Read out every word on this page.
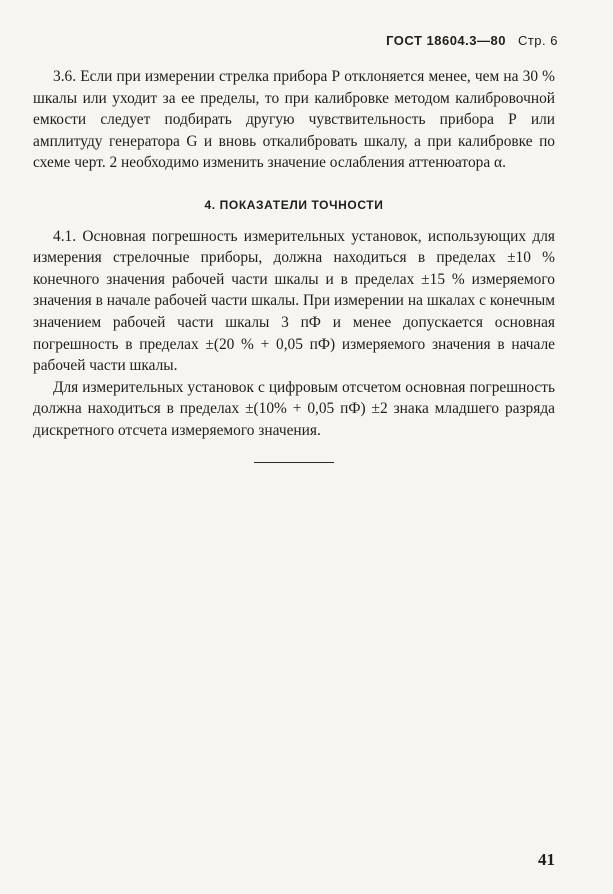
ГОСТ 18604.3—80 Стр. 6

3.6. Если при измерении стрелка прибора Р отклоняется менее, чем на 30 % шкалы или уходит за ее пределы, то при калибровке методом калибровочной емкости следует подбирать другую чувствительность прибора Р или амплитуду генератора G и вновь откалибровать шкалу, а при калибровке по схеме черт. 2 необходимо изменить значение ослабления аттенюатора α.

4. ПОКАЗАТЕЛИ ТОЧНОСТИ

4.1. Основная погрешность измерительных установок, использующих для измерения стрелочные приборы, должна находиться в пределах ±10 % конечного значения рабочей части шкалы и в пределах ±15 % измеряемого значения в начале рабочей части шкалы. При измерении на шкалах с конечным значением рабочей части шкалы 3 пФ и менее допускается основная погрешность в пределах ±(20 % + 0,05 пФ) измеряемого значения в начале рабочей части шкалы.

Для измерительных установок с цифровым отсчетом основная погрешность должна находиться в пределах ±(10% + 0,05 пФ) ±2 знака младшего разряда дискретного отсчета измеряемого значения.

41
